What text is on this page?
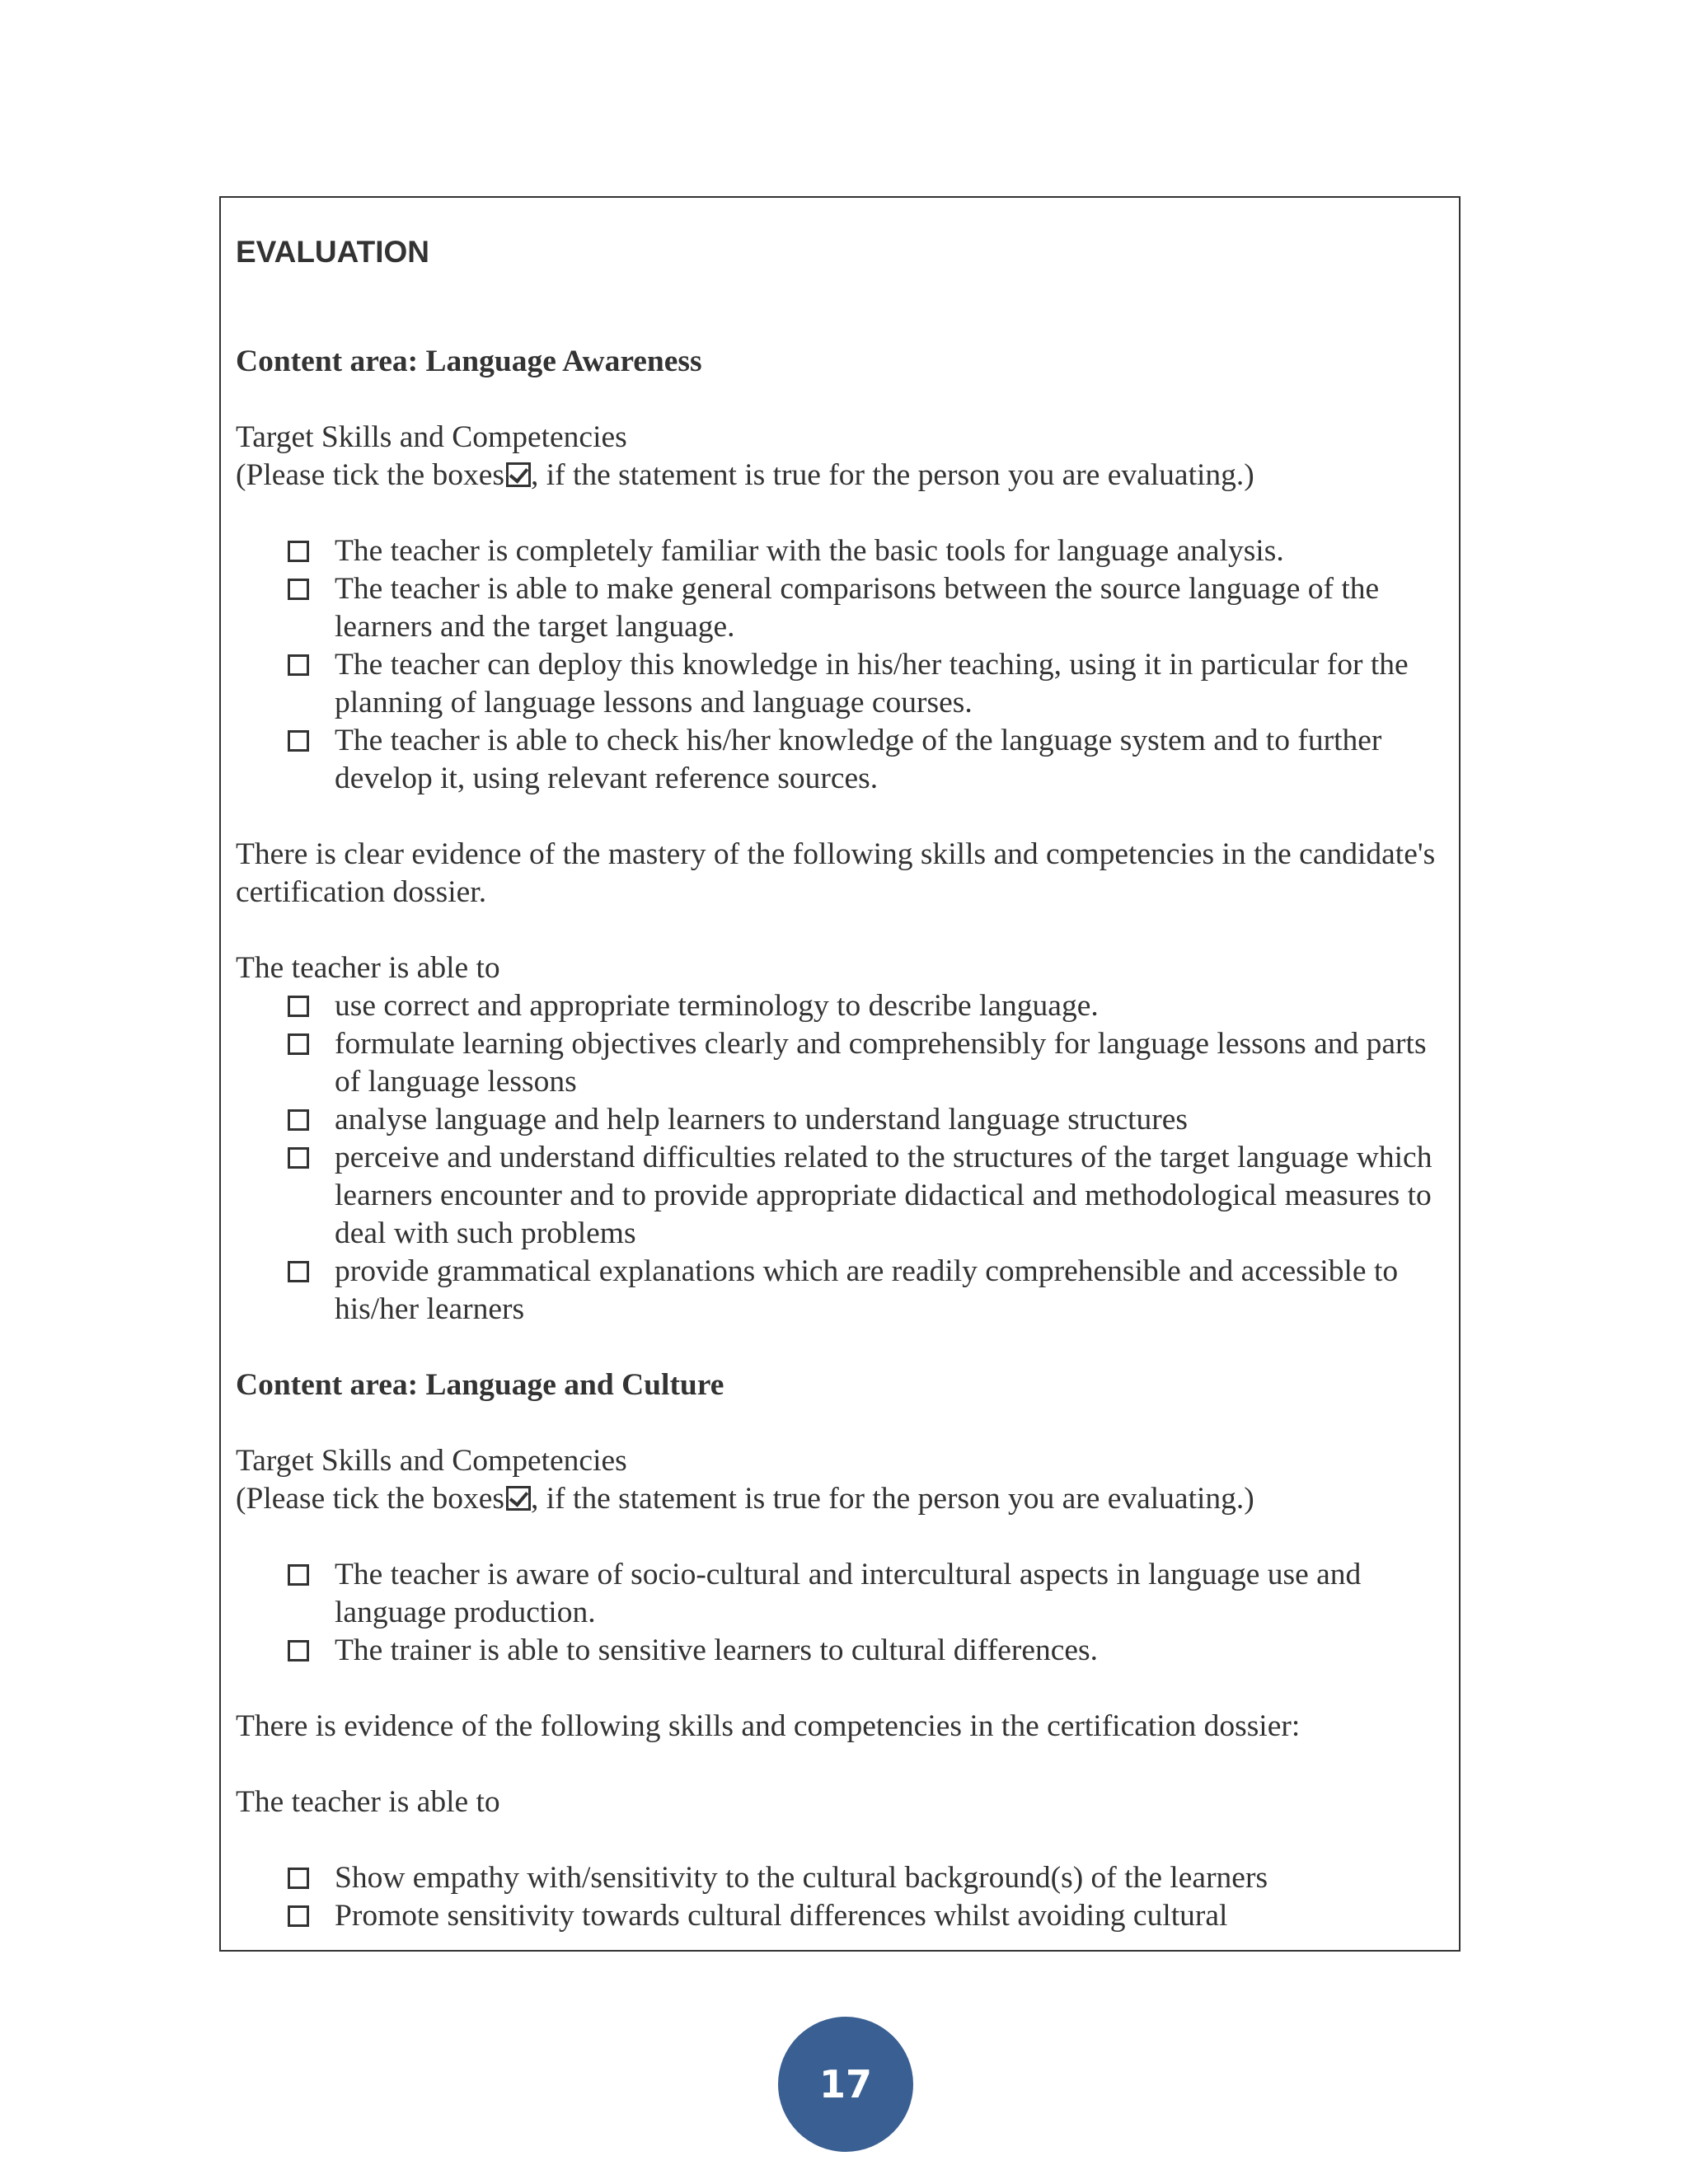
EVALUATION

Content area: Language Awareness

Target Skills and Competencies

(Please tick the boxes , if the statement is true for the person you are evaluating.)

The teacher is completely familiar with the basic tools for language analysis.
The teacher is able to make general comparisons between the source language of the learners and the target language.
The teacher can deploy this knowledge in his/her teaching, using it in particular for the planning of language lessons and language courses.
The teacher is able to check his/her knowledge of the language system and to further develop it, using relevant reference sources.

There is clear evidence of the mastery of the following skills and competencies in the candidate's certification dossier.

The teacher is able to

use correct and appropriate terminology to describe language.
formulate learning objectives clearly and comprehensibly for language lessons and parts of language lessons
analyse language and help learners to understand language structures
perceive and understand difficulties related to the structures of the target language which learners encounter and to provide appropriate didactical and methodological measures to deal with such problems
provide grammatical explanations which are readily comprehensible and accessible to his/her learners

Content area: Language and Culture

Target Skills and Competencies

(Please tick the boxes , if the statement is true for the person you are evaluating.)

The teacher is aware of socio-cultural and intercultural aspects in language use and language production.
The trainer is able to sensitive learners to cultural differences.

There is evidence of the following skills and competencies in the certification dossier:

The teacher is able to

Show empathy with/sensitivity to the cultural background(s) of the learners
Promote sensitivity towards cultural differences whilst avoiding cultural
17
